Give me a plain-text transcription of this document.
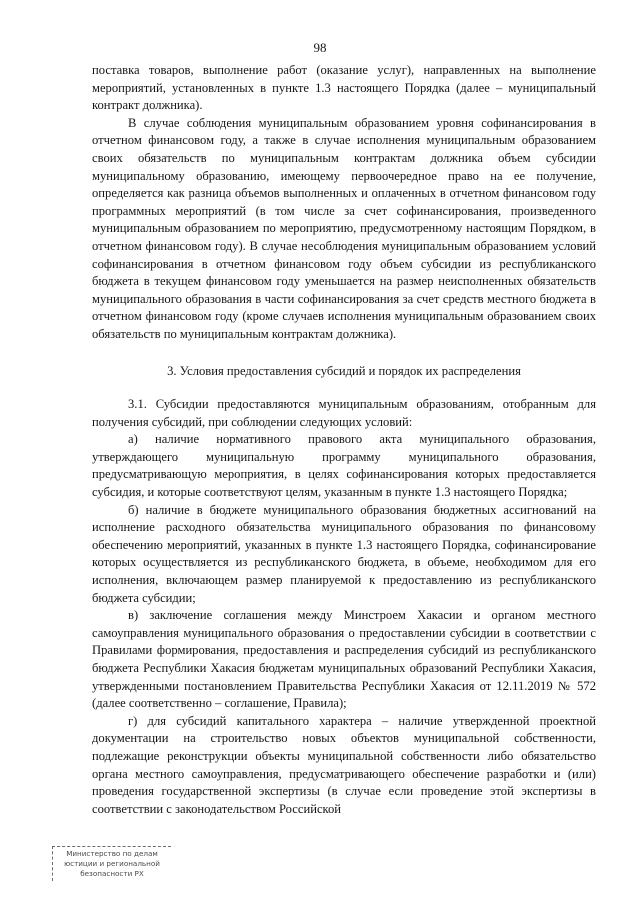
98

поставка товаров, выполнение работ (оказание услуг), направленных на выполнение мероприятий, установленных в пункте 1.3 настоящего Порядка (далее – муниципальный контракт должника).

В случае соблюдения муниципальным образованием уровня софинансирования в отчетном финансовом году, а также в случае исполнения муниципальным образованием своих обязательств по муниципальным контрактам должника объем субсидии муниципальному образованию, имеющему первоочередное право на ее получение, определяется как разница объемов выполненных и оплаченных в отчетном финансовом году программных мероприятий (в том числе за счет софинансирования, произведенного муниципальным образованием по мероприятию, предусмотренному настоящим Порядком, в отчетном финансовом году). В случае несоблюдения муниципальным образованием условий софинансирования в отчетном финансовом году объем субсидии из республиканского бюджета в текущем финансовом году уменьшается на размер неисполненных обязательств муниципального образования в части софинансирования за счет средств местного бюджета в отчетном финансовом году (кроме случаев исполнения муниципальным образованием своих обязательств по муниципальным контрактам должника).

3. Условия предоставления субсидий и порядок их распределения

3.1. Субсидии предоставляются муниципальным образованиям, отобранным для получения субсидий, при соблюдении следующих условий:

а) наличие нормативного правового акта муниципального образования, утверждающего муниципальную программу муниципального образования, предусматривающую мероприятия, в целях софинансирования которых предоставляется субсидия, и которые соответствуют целям, указанным в пункте 1.3 настоящего Порядка;

б) наличие в бюджете муниципального образования бюджетных ассигнований на исполнение расходного обязательства муниципального образования по финансовому обеспечению мероприятий, указанных в пункте 1.3 настоящего Порядка, софинансирование которых осуществляется из республиканского бюджета, в объеме, необходимом для его исполнения, включающем размер планируемой к предоставлению из республиканского бюджета субсидии;

в) заключение соглашения между Минстроем Хакасии и органом местного самоуправления муниципального образования о предоставлении субсидии в соответствии с Правилами формирования, предоставления и распределения субсидий из республиканского бюджета Республики Хакасия бюджетам муниципальных образований Республики Хакасия, утвержденными постановлением Правительства Республики Хакасия от 12.11.2019 № 572 (далее соответственно – соглашение, Правила);

г) для субсидий капитального характера – наличие утвержденной проектной документации на строительство новых объектов муниципальной собственности, подлежащие реконструкции объекты муниципальной собственности либо обязательство органа местного самоуправления, предусматривающего обеспечение разработки и (или) проведения государственной экспертизы (в случае если проведение этой экспертизы в соответствии с законодательством Российской

Министерство по делам
юстиции и региональной
безопасности РХ
